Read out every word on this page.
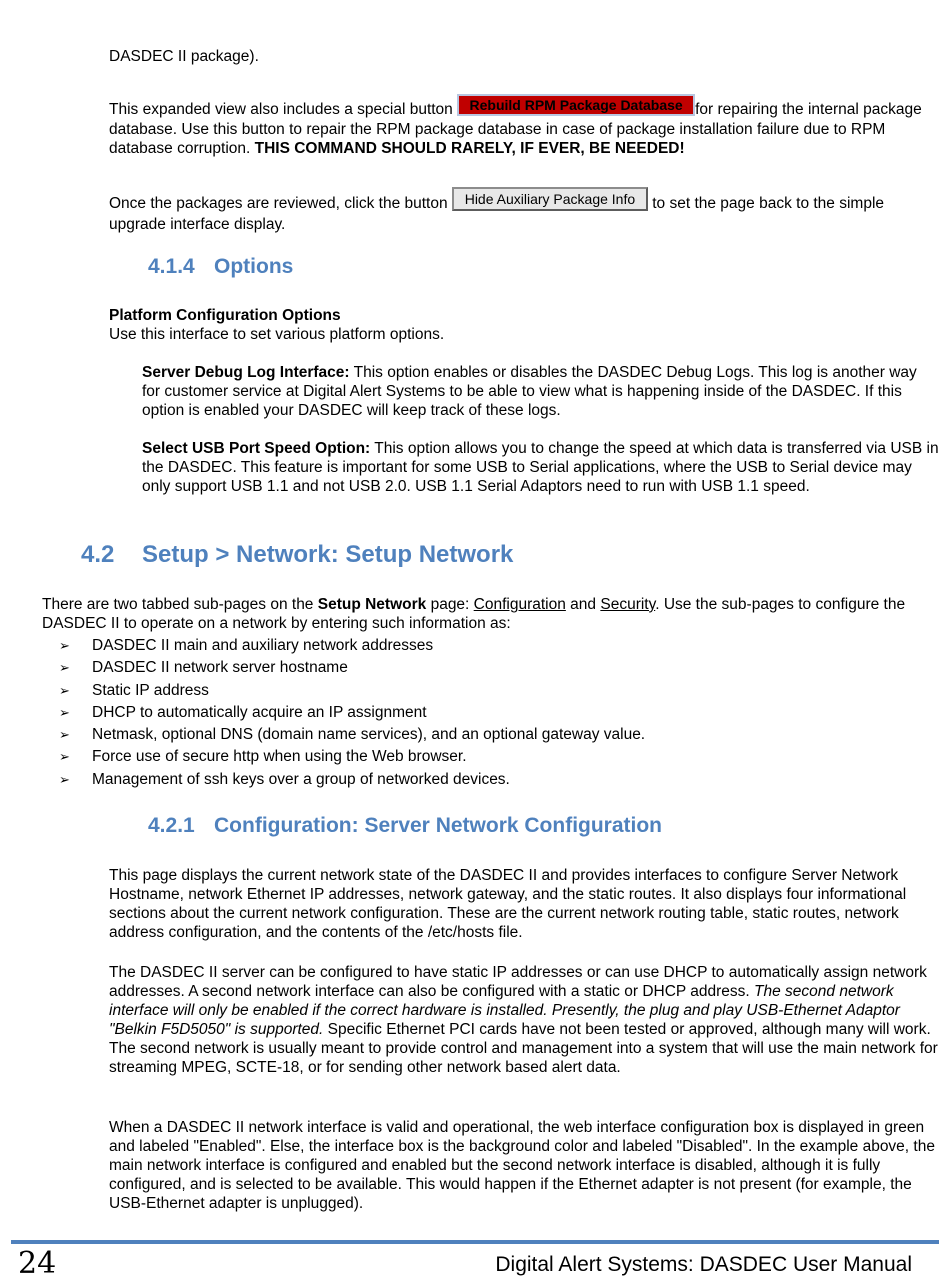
DASDEC II package).

This expanded view also includes a special button Rebuild RPM Package Database for repairing the internal package database. Use this button to repair the RPM package database in case of package installation failure due to RPM database corruption. THIS COMMAND SHOULD RARELY, IF EVER, BE NEEDED!

Once the packages are reviewed, click the button Hide Auxiliary Package Info to set the page back to the simple upgrade interface display.

4.1.4 Options

Platform Configuration Options
Use this interface to set various platform options.

Server Debug Log Interface: This option enables or disables the DASDEC Debug Logs. This log is another way for customer service at Digital Alert Systems to be able to view what is happening inside of the DASDEC. If this option is enabled your DASDEC will keep track of these logs.

Select USB Port Speed Option: This option allows you to change the speed at which data is transferred via USB in the DASDEC. This feature is important for some USB to Serial applications, where the USB to Serial device may only support USB 1.1 and not USB 2.0. USB 1.1 Serial Adaptors need to run with USB 1.1 speed.

4.2 Setup > Network: Setup Network

There are two tabbed sub-pages on the Setup Network page: Configuration and Security. Use the sub-pages to configure the DASDEC II to operate on a network by entering such information as:

➢ DASDEC II main and auxiliary network addresses
➢ DASDEC II network server hostname
➢ Static IP address
➢ DHCP to automatically acquire an IP assignment
➢ Netmask, optional DNS (domain name services), and an optional gateway value.
➢ Force use of secure http when using the Web browser.
➢ Management of ssh keys over a group of networked devices.
4.2.1 Configuration: Server Network Configuration

This page displays the current network state of the DASDEC II and provides interfaces to configure Server Network Hostname, network Ethernet IP addresses, network gateway, and the static routes. It also displays four informational sections about the current network configuration. These are the current network routing table, static routes, network address configuration, and the contents of the /etc/hosts file.

The DASDEC II server can be configured to have static IP addresses or can use DHCP to automatically assign network addresses. A second network interface can also be configured with a static or DHCP address. The second network interface will only be enabled if the correct hardware is installed. Presently, the plug and play USB-Ethernet Adaptor "Belkin F5D5050" is supported. Specific Ethernet PCI cards have not been tested or approved, although many will work. The second network is usually meant to provide control and management into a system that will use the main network for streaming MPEG, SCTE-18, or for sending other network based alert data.

When a DASDEC II network interface is valid and operational, the web interface configuration box is displayed in green and labeled "Enabled". Else, the interface box is the background color and labeled "Disabled". In the example above, the main network interface is configured and enabled but the second network interface is disabled, although it is fully configured, and is selected to be available. This would happen if the Ethernet adapter is not present (for example, the USB-Ethernet adapter is unplugged).

24	Digital Alert Systems: DASDEC User Manual
